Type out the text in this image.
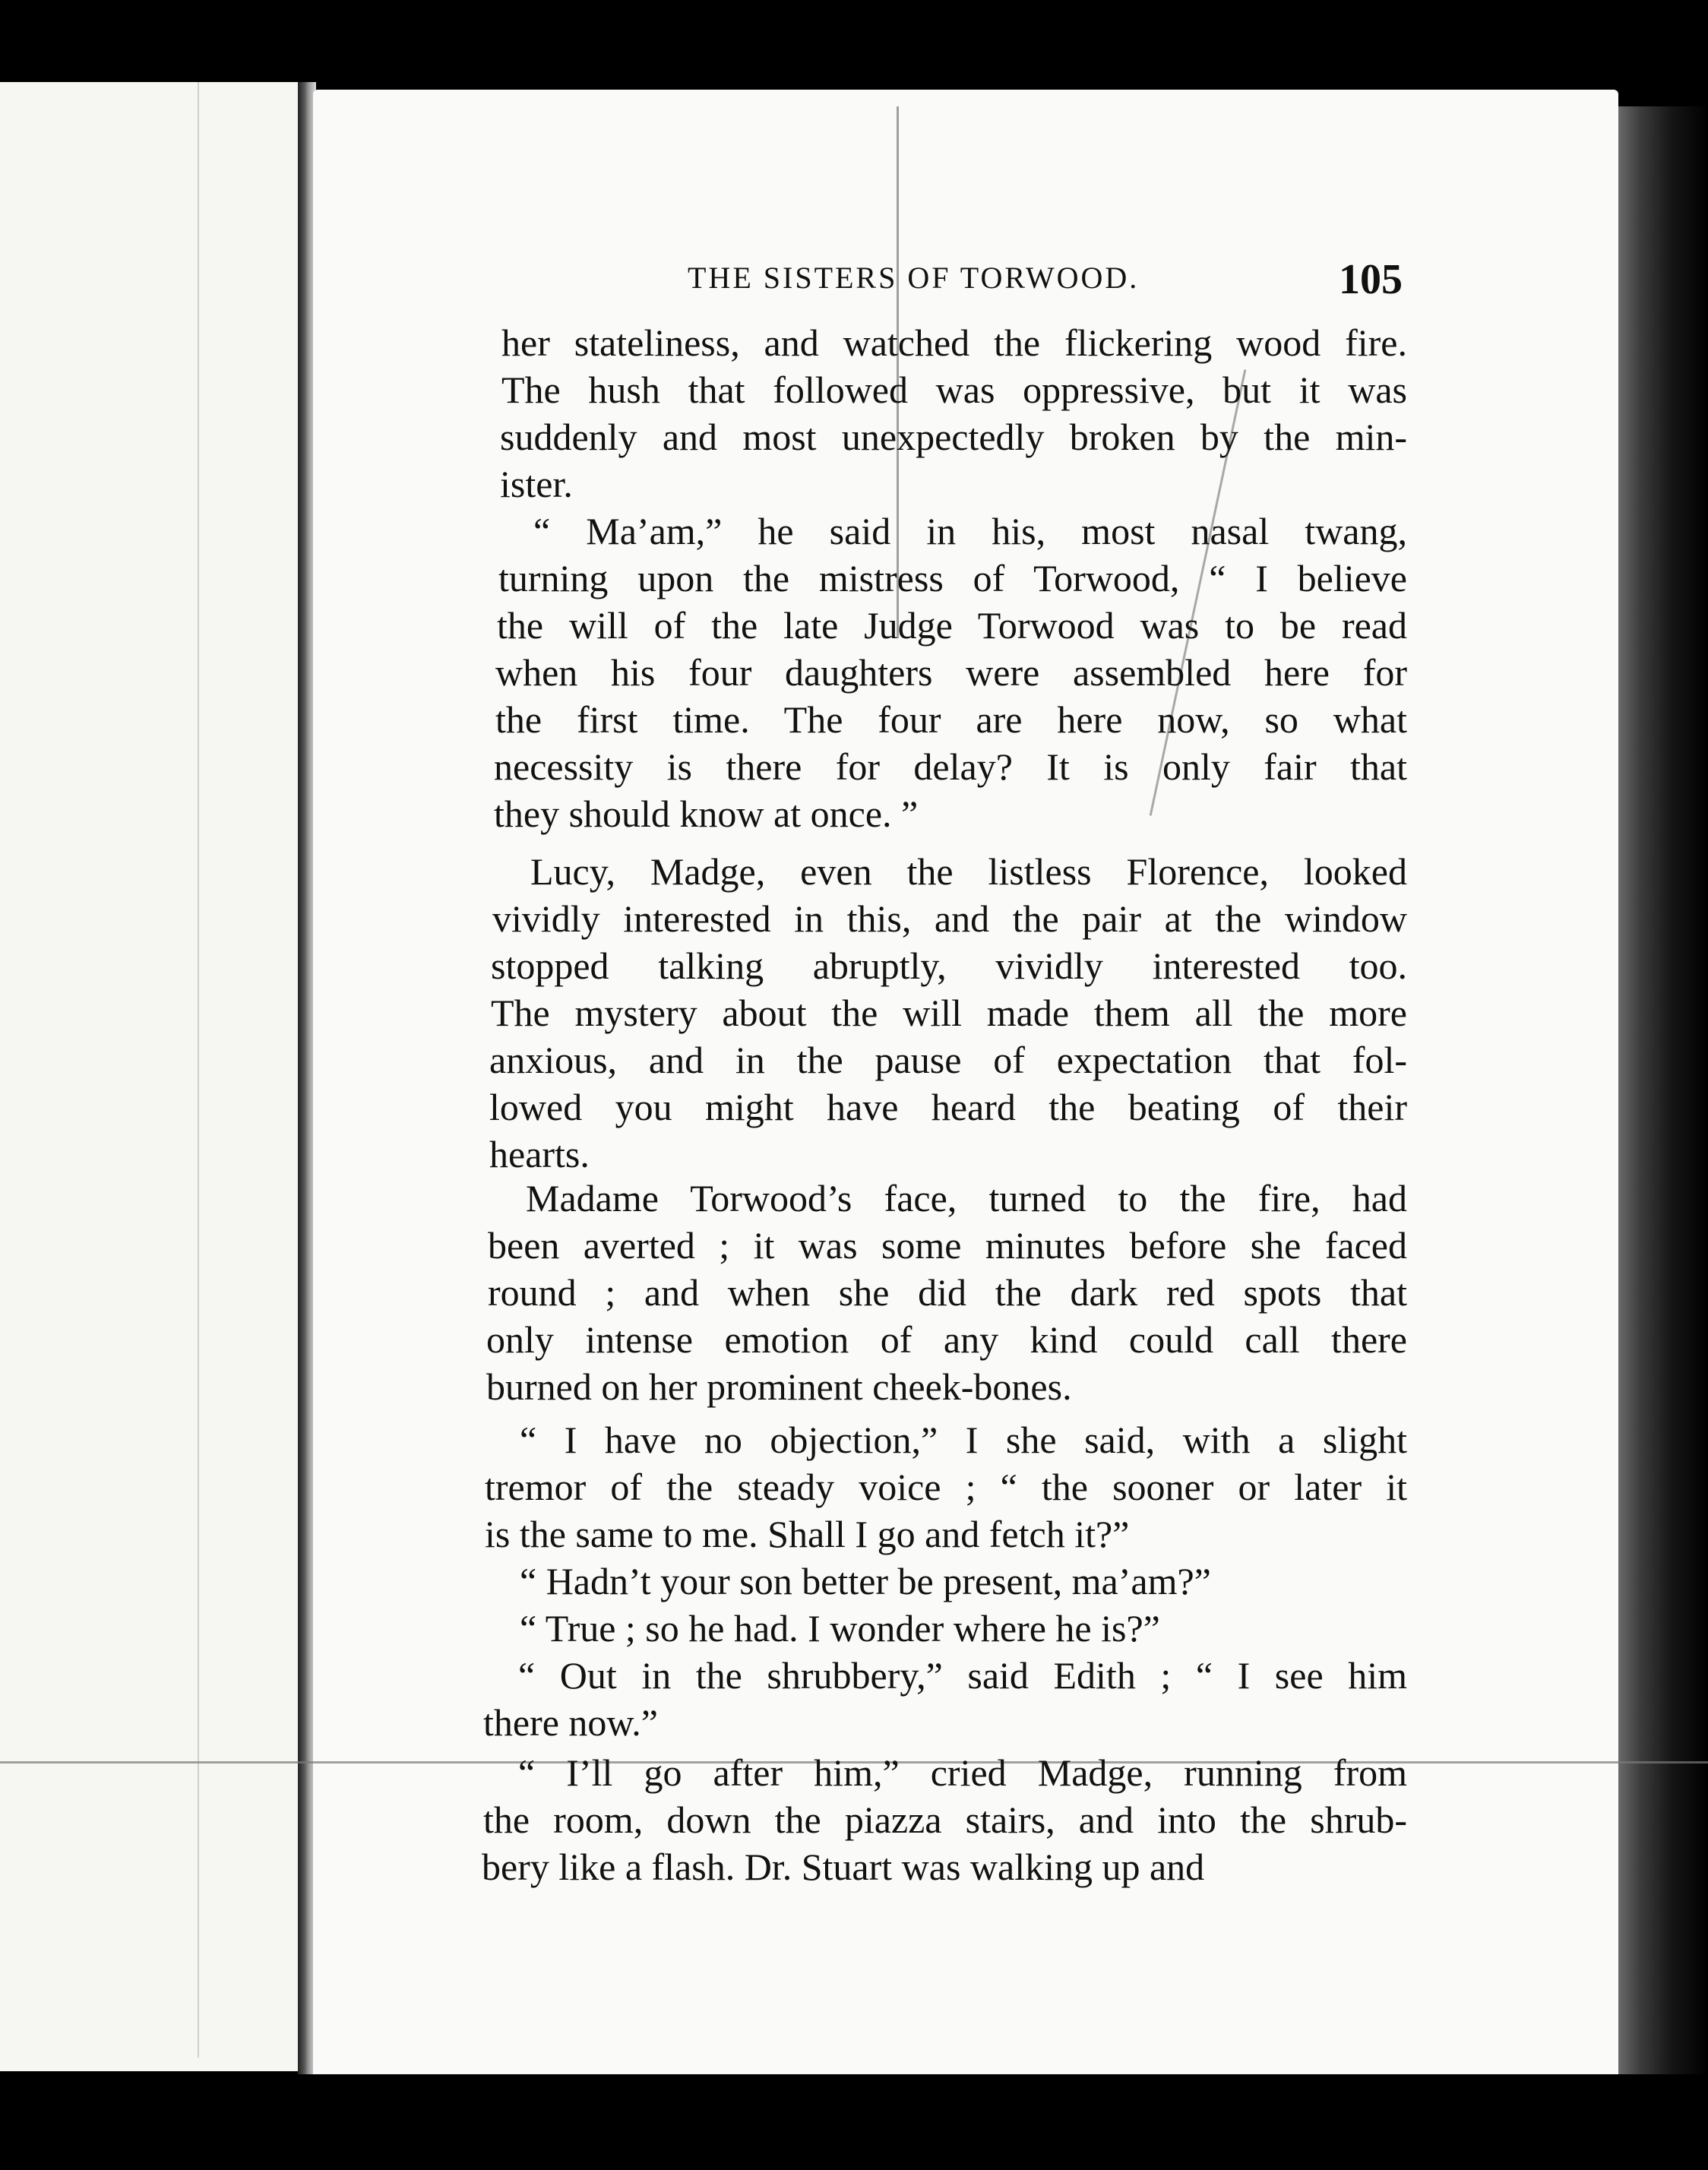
THE SISTERS OF TORWOOD.	105
her stateliness, and watched the flickering wood fire.
The hush that followed was oppressive, but it was
suddenly and most unexpectedly broken by the min-
ister.
“ Ma’am,” he said in his, most nasal twang,
turning upon the mistress of Torwood, “ I believe
the will of the late Judge Torwood was to be read
when his four daughters were assembled here for
the first time. The four are here now, so what
necessity is there for delay? It is only fair that
they should know at once. ”
Lucy, Madge, even the listless Florence, looked
vividly interested in this, and the pair at the window
stopped talking abruptly, vividly interested too.
The mystery about the will made them all the more
anxious, and in the pause of expectation that fol-
lowed you might have heard the beating of their
hearts.
Madame Torwood’s face, turned to the fire, had
been averted ; it was some minutes before she faced
round ; and when she did the dark red spots that
only intense emotion of any kind could call there
burned on her prominent cheek-bones.
“ I have no objection,” I she said, with a slight
tremor of the steady voice ; “ the sooner or later it
is the same to me. Shall I go and fetch it?”
“ Hadn’t your son better be present, ma’am?”
“ True ; so he had. I wonder where he is?”
“ Out in the shrubbery,” said Edith ; “ I see him
there now.”
“ I’ll go after him,” cried Madge, running from
the room, down the piazza stairs, and into the shrub-
bery like a flash. Dr. Stuart was walking up and
